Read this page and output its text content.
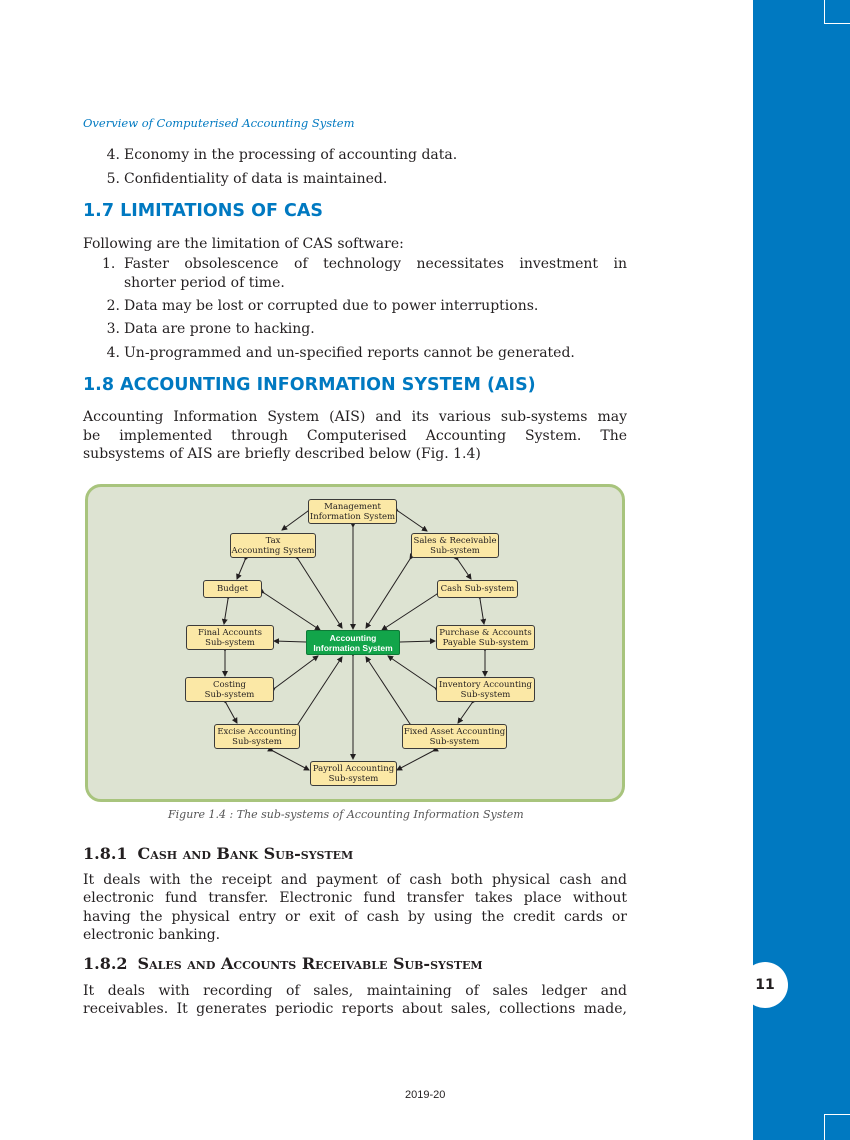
11
Overview of Computerised Accounting System
4. Economy in the processing of accounting data.
5. Confidentiality of data is maintained.
1.7 LIMITATIONS OF CAS
Following are the limitation of CAS software:
1. Faster obsolescence of technology necessitates investment in
shorter period of time.
2. Data may be lost or corrupted due to power interruptions.
3. Data are prone to hacking.
4. Un-programmed and un-specified reports cannot be generated.
1.8 ACCOUNTING INFORMATION SYSTEM (AIS)
Accounting Information System (AIS) and its various sub-systems may
be implemented through Computerised Accounting System. The
subsystems of AIS are briefly described below (Fig. 1.4)
Management
Information System
Tax
Accounting System
Sales & Receivable
Sub-system
Budget	Cash Sub-system
Final Accounts
Sub-system	Accounting
Information System
Purchase & Accounts
Payable Sub-system
Costing
Sub-system
Inventory Accounting
Sub-system
Excise Accounting
Sub-system
Fixed Asset Accounting
Sub-system
Payroll Accounting
Sub-system
Figure 1.4 : The sub-systems of Accounting Information System
1.8.1 Cash and Bank Sub-system
It deals with the receipt and payment of cash both physical cash and
electronic fund transfer. Electronic fund transfer takes place without
having the physical entry or exit of cash by using the credit cards or
electronic banking.
1.8.2 Sales and Accounts Receivable Sub-system
It deals with recording of sales, maintaining of sales ledger and
receivables. It generates periodic reports about sales, collections made,
2019-20
